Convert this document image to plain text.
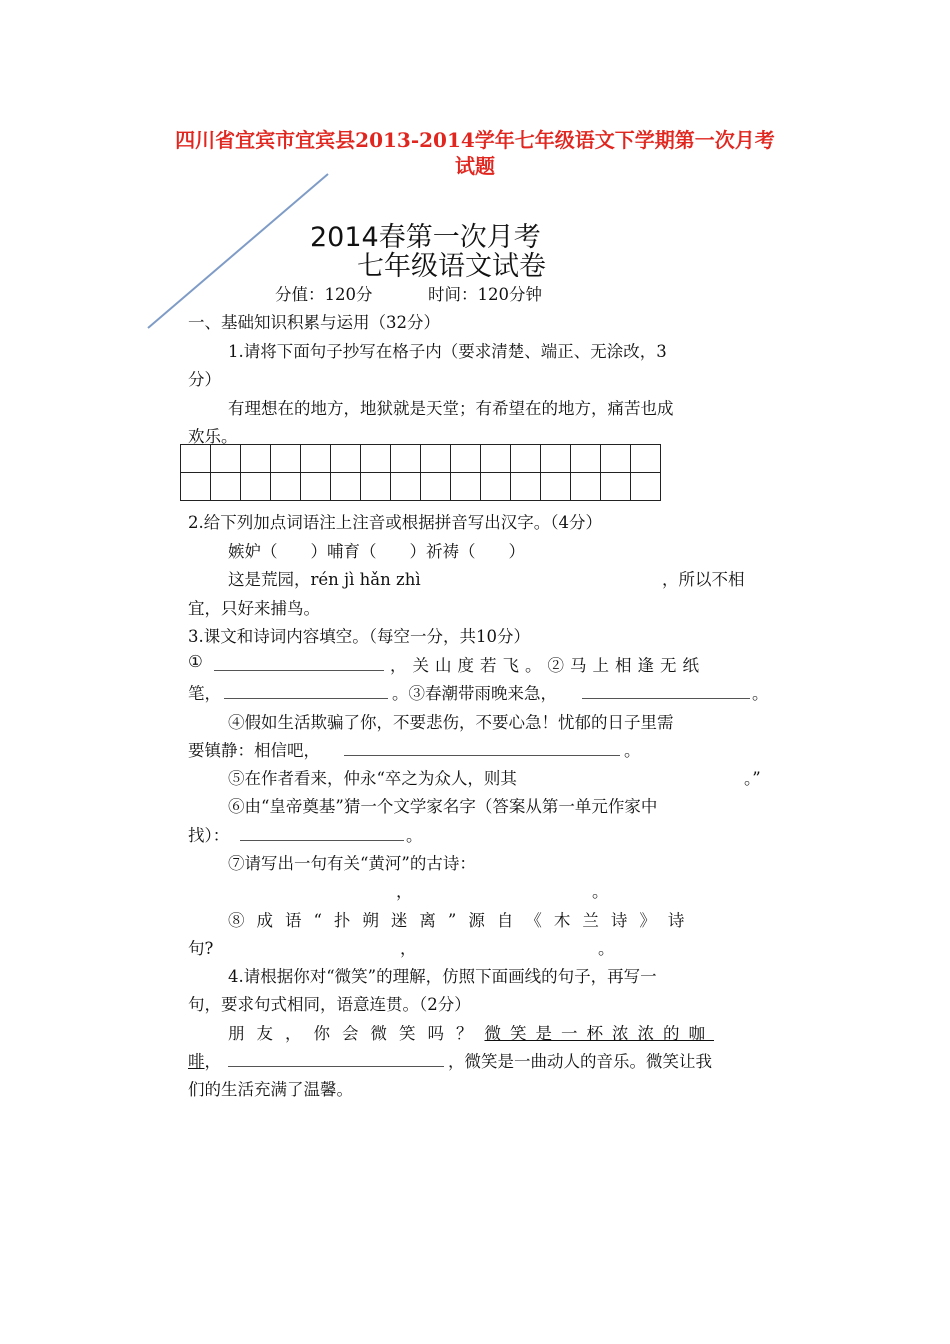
四川省宜宾市宜宾县2013-2014学年七年级语文下学期第一次月考
试题
2014春第一次月考
七年级语文试卷
分值：120分	时间：120分钟
一、基础知识积累与运用（32分）
1.请将下面句子抄写在格子内（要求清楚、端正、无涂改，3
分）
有理想在的地方，地狱就是天堂；有希望在的地方，痛苦也成
欢乐。

2.给下列加点词语注上注音或根据拼音写出汉字。（4分）
嫉妒（　　）哺育（　　）祈祷（　　）
这是荒园，rén jì hǎn zhì	，所以不相
宜，只好来捕鸟。
3.课文和诗词内容填空。（每空一分，共10分）
①	，关山度若飞。②马上相逢无纸
笔，	。③春潮带雨晚来急，	。
④假如生活欺骗了你，不要悲伤，不要心急！忧郁的日子里需
要镇静：相信吧，	。
⑤在作者看来，仲永“卒之为众人，则其	。”
⑥由“皇帝奠基”猜一个文学家名字（答案从第一单元作家中
找）：	。
⑦请写出一句有关“黄河”的古诗：
，	。
⑧成语“扑朔迷离”源自《木兰诗》诗
句?	，	。
4.请根据你对“微笑”的理解，仿照下面画线的句子，再写一
句，要求句式相同，语意连贯。（2分）
朋友，你会微笑吗？微笑是一杯浓浓的咖
啡，	，微笑是一曲动人的音乐。微笑让我
们的生活充满了温馨。
